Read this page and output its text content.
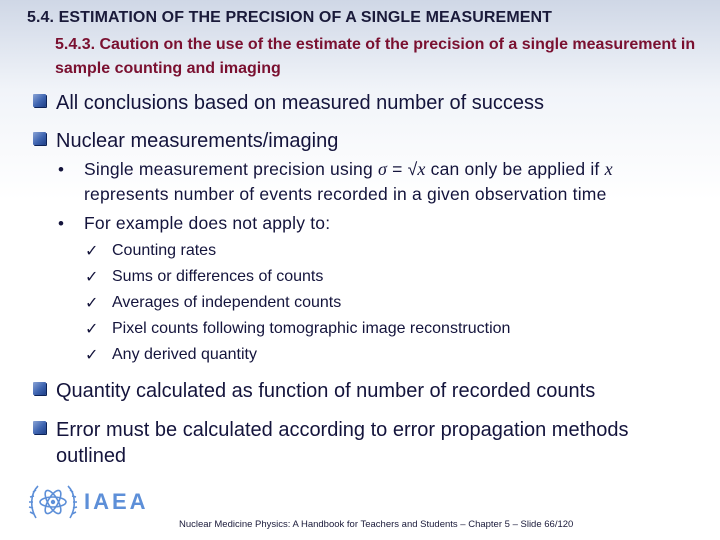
5.4. ESTIMATION OF THE PRECISION OF A SINGLE MEASUREMENT
5.4.3. Caution on the use of the estimate of the precision of a single measurement in sample counting and imaging
All conclusions based on measured number of success
Nuclear measurements/imaging
•	Single measurement precision using σ = √x can only be applied if x represents number of events recorded in a given observation time
•	For example does not apply to:
✓ Counting rates
✓ Sums or differences of counts
✓ Averages of independent counts
✓ Pixel counts following tomographic image reconstruction
✓ Any derived quantity
Quantity calculated as function of number of recorded counts
Error must be calculated according to error propagation methods outlined
IAEA
Nuclear Medicine Physics: A Handbook for Teachers and Students – Chapter 5 – Slide 66/120
